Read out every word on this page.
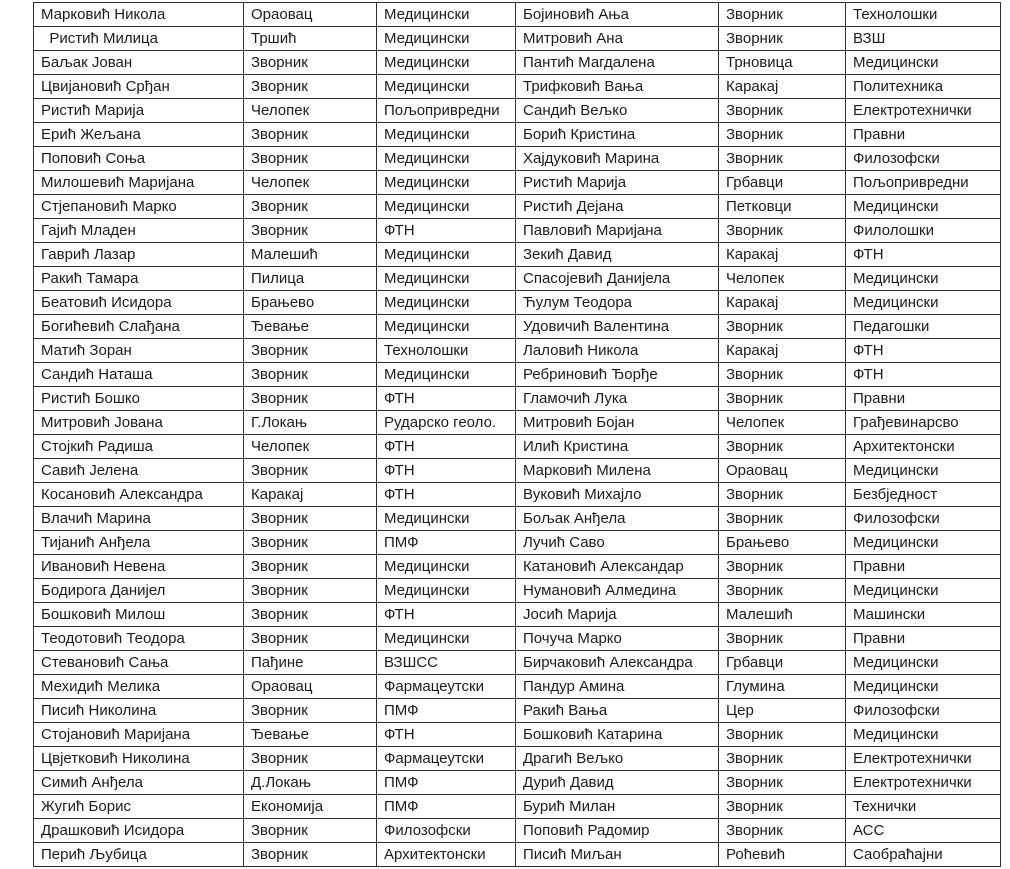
Марковић Никола	Ораовац	Медицински	Бојиновић Ања	Зворник	Технолошки
Ристић Милица	Тршић	Медицински	Митровић Ана	Зворник	ВЗШ
Баљак Јован	Зворник	Медицински	Пантић Магдалена	Трновица	Медицински
Цвијановић Срђан	Зворник	Медицински	Трифковић Вања	Каракај	Политехника
Ристић Марија	Челопек	Пољопривредни	Сандић Вељко	Зворник	Електротехнички
Ерић Жељана	Зворник	Медицински	Борић Кристина	Зворник	Правни
Поповић Соња	Зворник	Медицински	Хајдуковић Марина	Зворник	Филозофски
Милошевић Маријана	Челопек	Медицински	Ристић Марија	Грбавци	Пољопривредни
Стјепановић Марко	Зворник	Медицински	Ристић Дејана	Петковци	Медицински
Гајић Младен	Зворник	ФТН	Павловић Маријана	Зворник	Филолошки
Гаврић Лазар	Малешић	Медицински	Зекић Давид	Каракај	ФТН
Ракић Тамара	Пилица	Медицински	Спасојевић Данијела	Челопек	Медицински
Беатовић Исидора	Брањево	Медицински	Ћулум Теодора	Каракај	Медицински
Богићевић Слађана	Ђевање	Медицински	Удовичић Валентина	Зворник	Педагошки
Матић Зоран	Зворник	Технолошки	Лаловић Никола	Каракај	ФТН
Сандић Наташа	Зворник	Медицински	Ребриновић Ђорђе	Зворник	ФТН
Ристић Бошко	Зворник	ФТН	Гламочић Лука	Зворник	Правни
Митровић Јована	Г.Локањ	Рударско геоло.	Митровић Бојан	Челопек	Грађевинарсво
Стојкић Радиша	Челопек	ФТН	Илић Кристина	Зворник	Архитектонски
Савић Јелена	Зворник	ФТН	Марковић Милена	Ораовац	Медицински
Косановић Александра	Каракај	ФТН	Вуковић Михајло	Зворник	Безбједност
Влачић Марина	Зворник	Медицински	Бољак Анђела	Зворник	Филозофски
Тијанић Анђела	Зворник	ПМФ	Лучић Саво	Брањево	Медицински
Ивановић Невена	Зворник	Медицински	Катановић Александар	Зворник	Правни
Бодирога Данијел	Зворник	Медицински	Нумановић Алмедина	Зворник	Медицински
Бошковић Милош	Зворник	ФТН	Јосић Марија	Малешић	Машински
Теодотовић Теодора	Зворник	Медицински	Почуча Марко	Зворник	Правни
Стевановић Сања	Пађине	ВЗШСС	Бирчаковић Александра	Грбавци	Медицински
Мехидић Мелика	Ораовац	Фармацеутски	Пандур Амина	Глумина	Медицински
Писић Николина	Зворник	ПМФ	Ракић Вања	Цер	Филозофски
Стојановић Маријана	Ђевање	ФТН	Бошковић Катарина	Зворник	Медицински
Цвјетковић Николина	Зворник	Фармацеутски	Драгић Вељко	Зворник	Електротехнички
Симић Анђела	Д.Локањ	ПМФ	Дурић Давид	Зворник	Електротехнички
Жугић Борис	Економија	ПМФ	Бурић Милан	Зворник	Технички
Драшковић Исидора	Зворник	Филозофски	Поповић Радомир	Зворник	АСС
Перић Љубица	Зворник	Архитектонски	Писић Миљан	Роћевић	Саобраћајни
